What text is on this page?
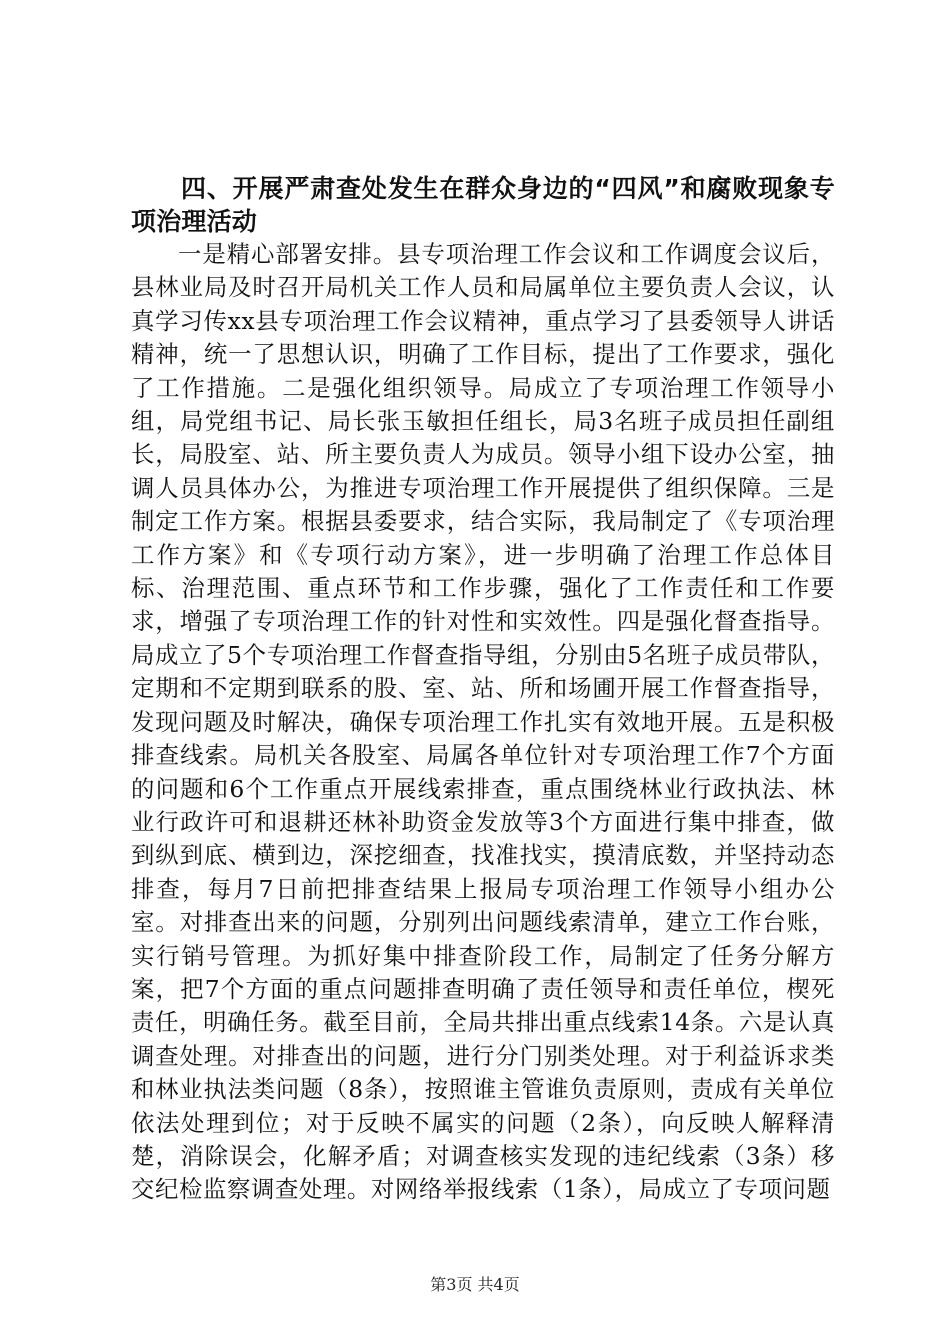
四、开展严肃查处发生在群众身边的“四风”和腐败现象专项治理活动

一是精心部署安排。县专项治理工作会议和工作调度会议后，县林业局及时召开局机关工作人员和局属单位主要负责人会议，认真学习传xx县专项治理工作会议精神，重点学习了县委领导人讲话精神，统一了思想认识，明确了工作目标，提出了工作要求，强化了工作措施。二是强化组织领导。局成立了专项治理工作领导小组，局党组书记、局长张玉敏担任组长，局3名班子成员担任副组长，局股室、站、所主要负责人为成员。领导小组下设办公室，抽调人员具体办公，为推进专项治理工作开展提供了组织保障。三是制定工作方案。根据县委要求，结合实际，我局制定了《专项治理工作方案》和《专项行动方案》，进一步明确了治理工作总体目标、治理范围、重点环节和工作步骤，强化了工作责任和工作要求，增强了专项治理工作的针对性和实效性。四是强化督查指导。局成立了5个专项治理工作督查指导组，分别由5名班子成员带队，定期和不定期到联系的股、室、站、所和场圃开展工作督查指导，发现问题及时解决，确保专项治理工作扎实有效地开展。五是积极排查线索。局机关各股室、局属各单位针对专项治理工作7个方面的问题和6个工作重点开展线索排查，重点围绕林业行政执法、林业行政许可和退耕还林补助资金发放等3个方面进行集中排查，做到纵到底、横到边，深挖细查，找准找实，摸清底数，并坚持动态排查，每月7日前把排查结果上报局专项治理工作领导小组办公室。对排查出来的问题，分别列出问题线索清单，建立工作台账，实行销号管理。为抓好集中排查阶段工作，局制定了任务分解方案，把7个方面的重点问题排查明确了责任领导和责任单位，楔死责任，明确任务。截至目前，全局共排出重点线索14条。六是认真调查处理。对排查出的问题，进行分门别类处理。对于利益诉求类和林业执法类问题（8条），按照谁主管谁负责原则，责成有关单位依法处理到位；对于反映不属实的问题（2条），向反映人解释清楚，消除误会，化解矛盾；对调查核实发现的违纪线索（3条）移交纪检监察调查处理。对网络举报线索（1条），局成立了专项问题

第3页 共4页
